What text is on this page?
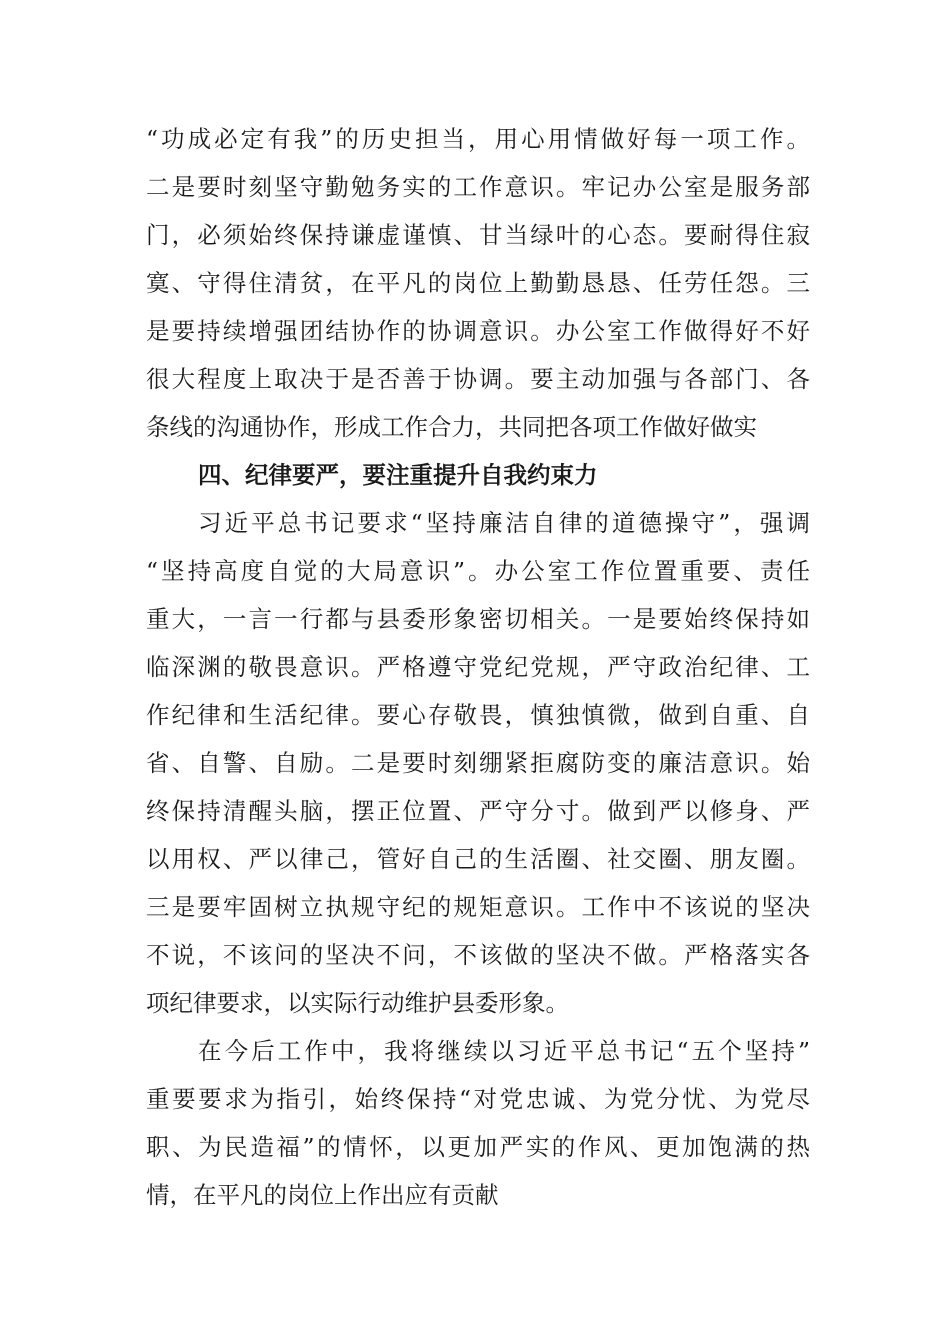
“功成必定有我”的历史担当，用心用情做好每一项工作。
二是要时刻坚守勤勉务实的工作意识。牢记办公室是服务部
门，必须始终保持谦虚谨慎、甘当绿叶的心态。要耐得住寂
寞、守得住清贫，在平凡的岗位上勤勤恳恳、任劳任怨。三
是要持续增强团结协作的协调意识。办公室工作做得好不好
很大程度上取决于是否善于协调。要主动加强与各部门、各
条线的沟通协作，形成工作合力，共同把各项工作做好做实
四、纪律要严，要注重提升自我约束力
习近平总书记要求“坚持廉洁自律的道德操守”，强调
“坚持高度自觉的大局意识”。办公室工作位置重要、责任
重大，一言一行都与县委形象密切相关。一是要始终保持如
临深渊的敬畏意识。严格遵守党纪党规，严守政治纪律、工
作纪律和生活纪律。要心存敬畏，慎独慎微，做到自重、自
省、自警、自励。二是要时刻绷紧拒腐防变的廉洁意识。始
终保持清醒头脑，摆正位置、严守分寸。做到严以修身、严
以用权、严以律己，管好自己的生活圈、社交圈、朋友圈。
三是要牢固树立执规守纪的规矩意识。工作中不该说的坚决
不说，不该问的坚决不问，不该做的坚决不做。严格落实各
项纪律要求，以实际行动维护县委形象。
在今后工作中，我将继续以习近平总书记“五个坚持”
重要要求为指引，始终保持“对党忠诚、为党分忧、为党尽
职、为民造福”的情怀，以更加严实的作风、更加饱满的热
情，在平凡的岗位上作出应有贡献
